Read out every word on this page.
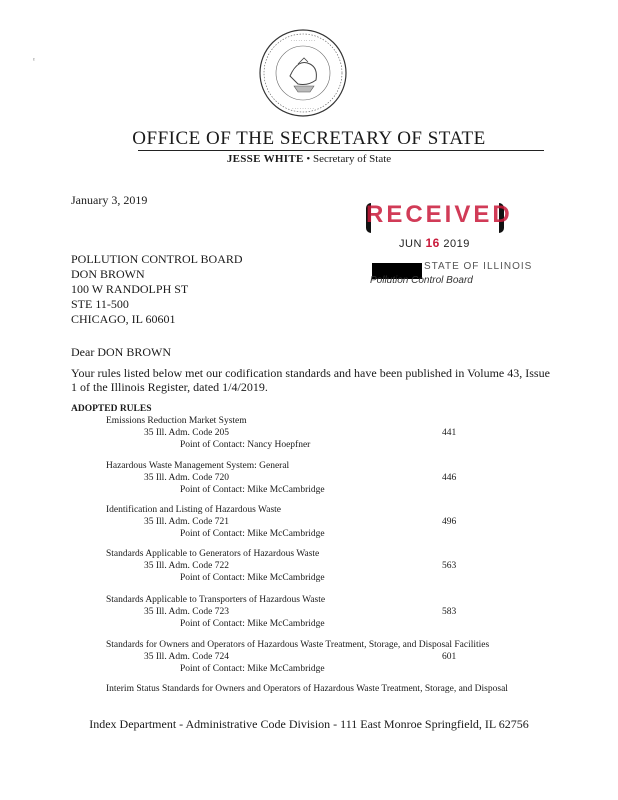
· · · · · · · · · ·
· · · · · · · · ·
ᵋ
OFFICE OF THE SECRETARY OF STATE
JESSE WHITE • Secretary of State
January 3, 2019
RECEIVED
JUN 16 2019
STATE OF ILLINOIS
Pollution Control Board
POLLUTION CONTROL BOARD
DON BROWN
100 W RANDOLPH ST
STE 11-500
CHICAGO, IL 60601
Dear DON BROWN
Your rules listed below met our codification standards and have been published in Volume 43, Issue 1 of the Illinois Register, dated 1/4/2019.
ADOPTED RULES
Emissions Reduction Market System
35 Ill. Adm. Code 205	441
Point of Contact: Nancy Hoepfner
Hazardous Waste Management System: General
35 Ill. Adm. Code 720	446
Point of Contact: Mike McCambridge
Identification and Listing of Hazardous Waste
35 Ill. Adm. Code 721	496
Point of Contact: Mike McCambridge
Standards Applicable to Generators of Hazardous Waste
35 Ill. Adm. Code 722	563
Point of Contact: Mike McCambridge
Standards Applicable to Transporters of Hazardous Waste
35 Ill. Adm. Code 723	583
Point of Contact: Mike McCambridge
Standards for Owners and Operators of Hazardous Waste Treatment, Storage, and Disposal Facilities
35 Ill. Adm. Code 724	601
Point of Contact: Mike McCambridge
Interim Status Standards for Owners and Operators of Hazardous Waste Treatment, Storage, and Disposal
Index Department - Administrative Code Division - 111 East Monroe Springfield, IL 62756
